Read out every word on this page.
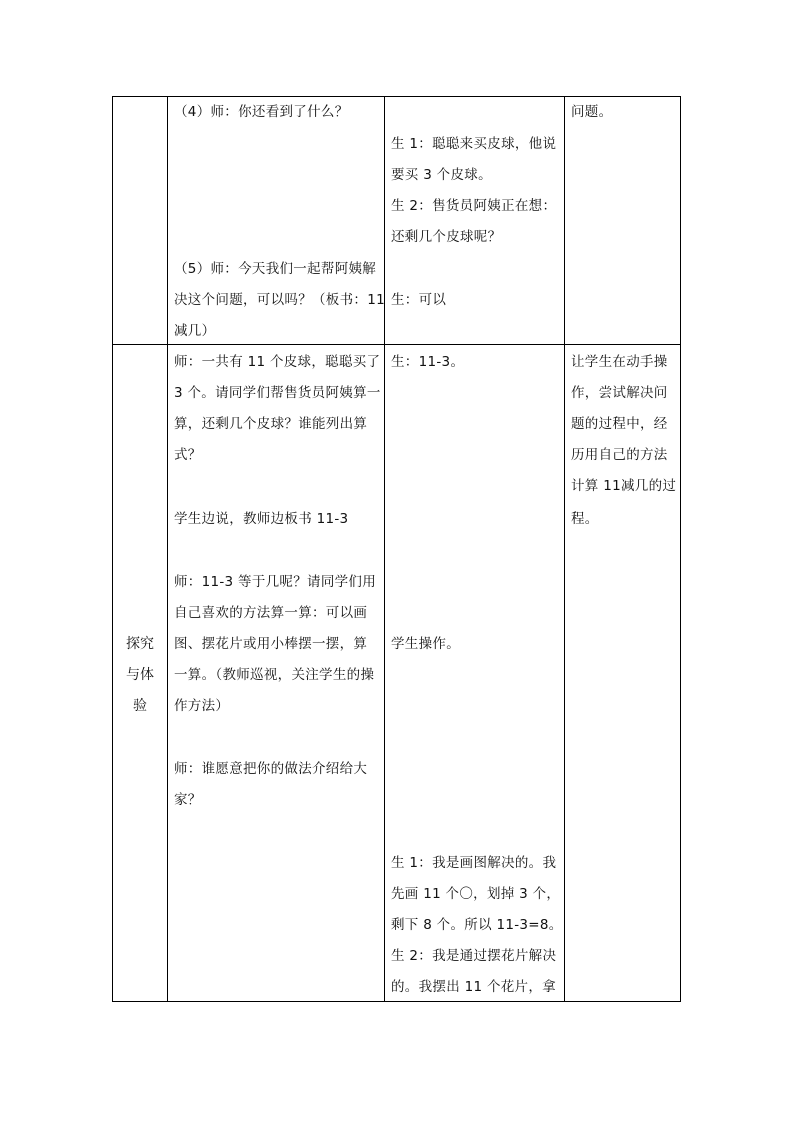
（4）师：你还看到了什么？
（5）师：今天我们一起帮阿姨解
决这个问题，可以吗？（板书：11
减几）
生 1：聪聪来买皮球，他说
要买 3 个皮球。
生 2：售货员阿姨正在想：
还剩几个皮球呢？
生：可以
问题。
探究
与体
验
师：一共有 11 个皮球，聪聪买了
3 个。请同学们帮售货员阿姨算一
算，还剩几个皮球？谁能列出算
式？
学生边说，教师边板书 11-3
师：11-3 等于几呢？请同学们用
自己喜欢的方法算一算：可以画
图、摆花片或用小棒摆一摆，算
一算。（教师巡视，关注学生的操
作方法）
师：谁愿意把你的做法介绍给大
家？
生：11-3。
学生操作。
生 1：我是画图解决的。我
先画 11 个〇，划掉 3 个，
剩下 8 个。所以 11-3=8。
生 2：我是通过摆花片解决
的。我摆出 11 个花片，拿
让学生在动手操
作，尝试解决问
题的过程中，经
历用自己的方法
计算 11减几的过
程。
